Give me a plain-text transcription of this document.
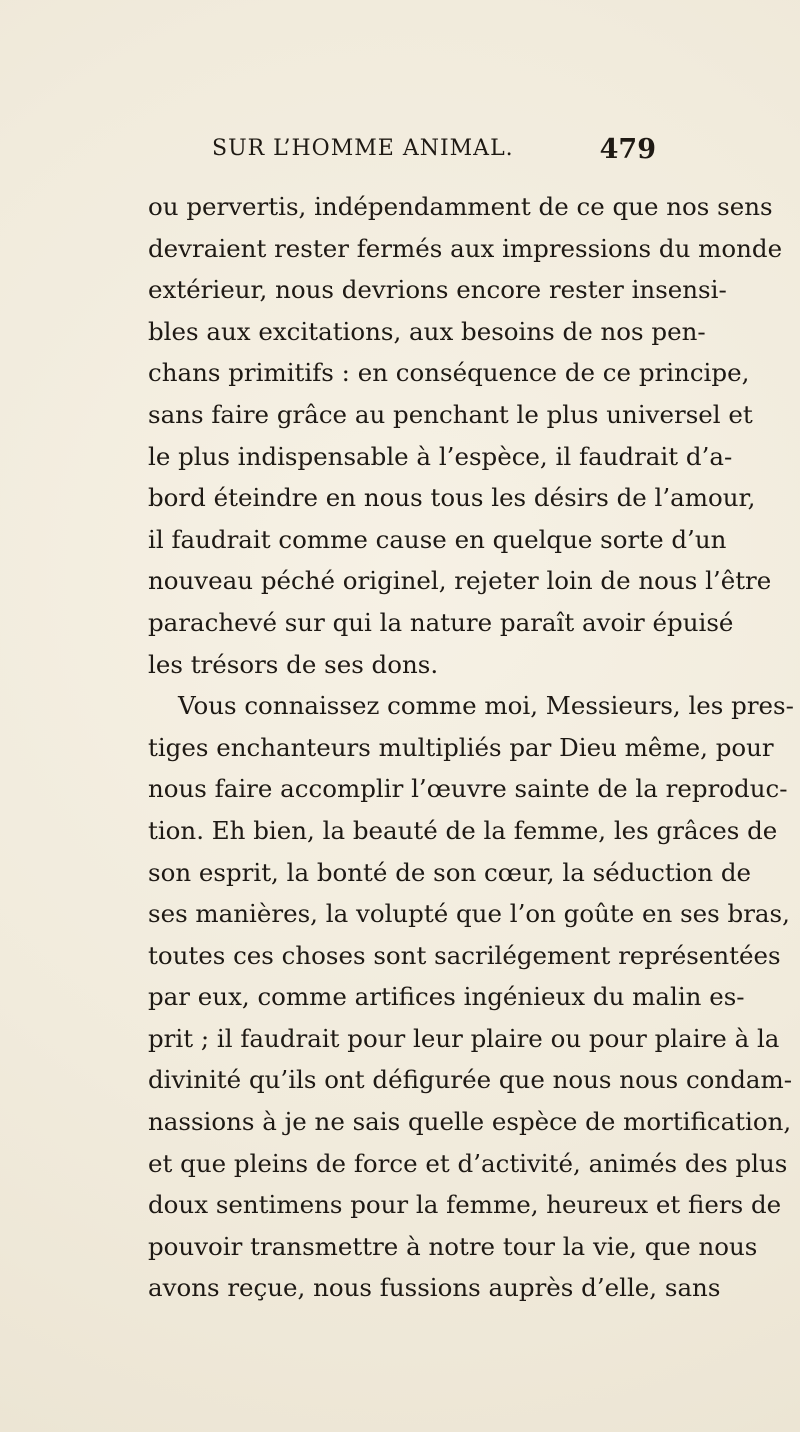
SUR L’HOMME ANIMAL.	479
ou pervertis, indépendamment de ce que nos sens
devraient rester fermés aux impressions du monde
extérieur, nous devrions encore rester insensi-
bles aux excitations, aux besoins de nos pen-
chans primitifs : en conséquence de ce principe,
sans faire grâce au penchant le plus universel et
le plus indispensable à l’espèce, il faudrait d’a-
bord éteindre en nous tous les désirs de l’amour,
il faudrait comme cause en quelque sorte d’un
nouveau péché originel, rejeter loin de nous l’être
parachevé sur qui la nature paraît avoir épuisé
les trésors de ses dons.
Vous connaissez comme moi, Messieurs, les pres-
tiges enchanteurs multipliés par Dieu même, pour
nous faire accomplir l’œuvre sainte de la reproduc-
tion. Eh bien, la beauté de la femme, les grâces de
son esprit, la bonté de son cœur, la séduction de
ses manières, la volupté que l’on goûte en ses bras,
toutes ces choses sont sacrilégement représentées
par eux, comme artifices ingénieux du malin es-
prit ; il faudrait pour leur plaire ou pour plaire à la
divinité qu’ils ont défigurée que nous nous condam-
nassions à je ne sais quelle espèce de mortification,
et que pleins de force et d’activité, animés des plus
doux sentimens pour la femme, heureux et fiers de
pouvoir transmettre à notre tour la vie, que nous
avons reçue, nous fussions auprès d’elle, sans
